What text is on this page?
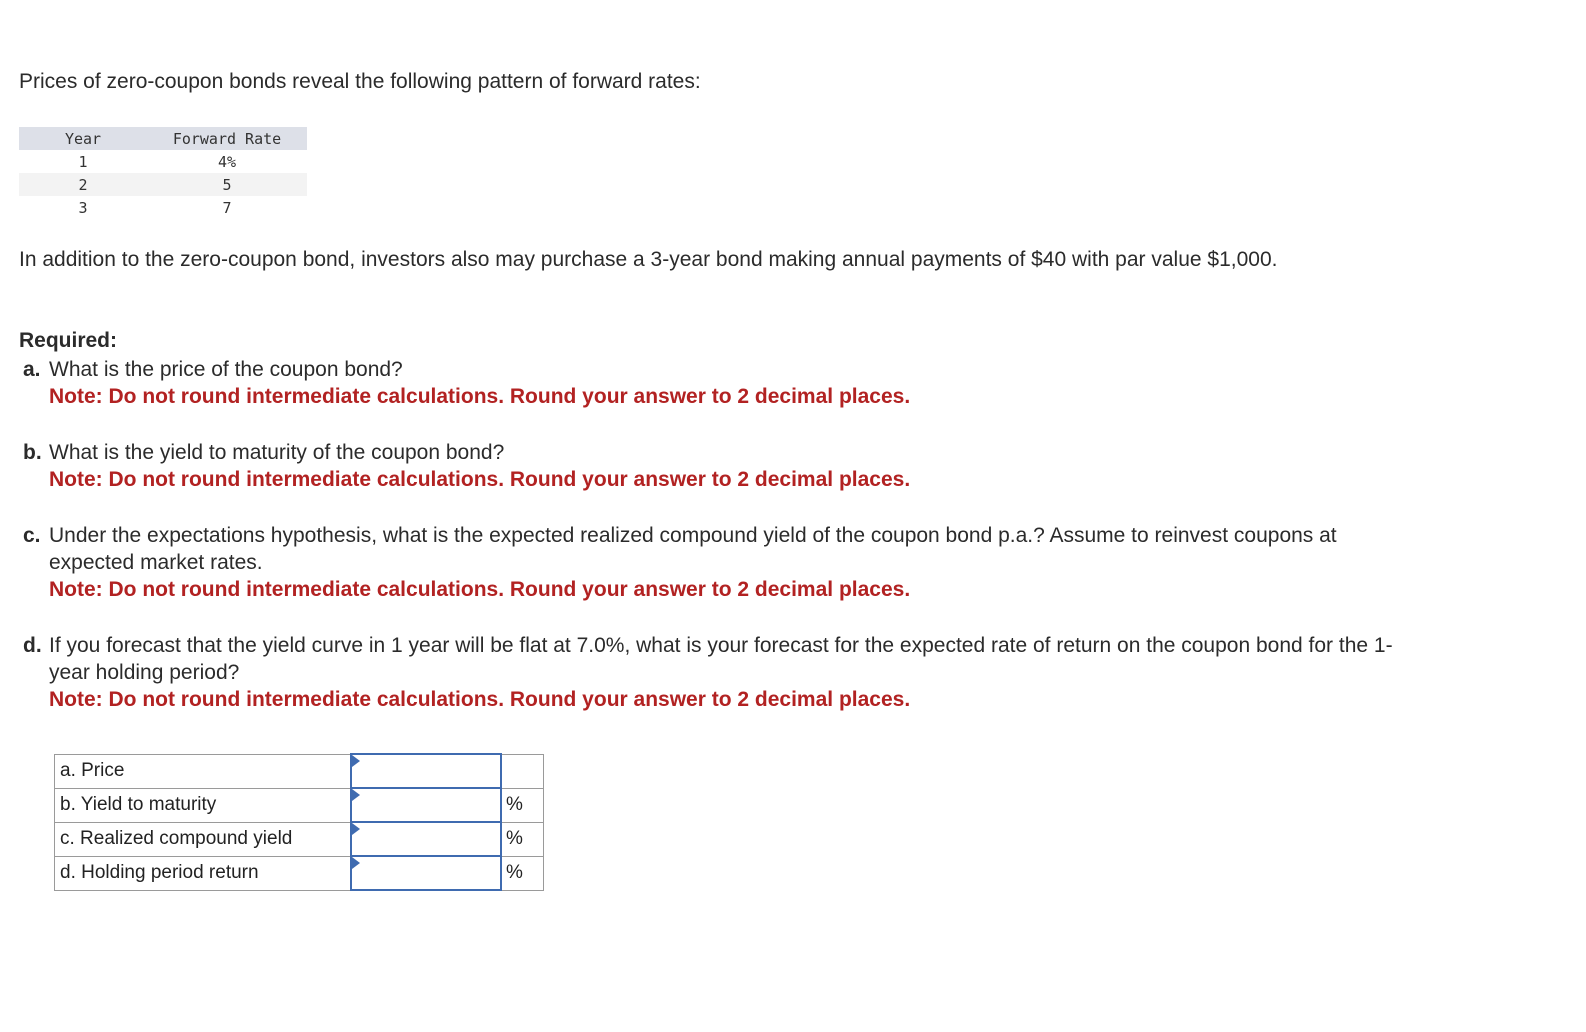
Prices of zero-coupon bonds reveal the following pattern of forward rates:

Year	Forward Rate
1	4%
2	5
3	7

In addition to the zero-coupon bond, investors also may purchase a 3-year bond making annual payments of $40 with par value $1,000.

Required:

a. What is the price of the coupon bond?
Note: Do not round intermediate calculations. Round your answer to 2 decimal places.
b. What is the yield to maturity of the coupon bond?
Note: Do not round intermediate calculations. Round your answer to 2 decimal places.
c. Under the expectations hypothesis, what is the expected realized compound yield of the coupon bond p.a.? Assume to reinvest coupons at expected market rates.
Note: Do not round intermediate calculations. Round your answer to 2 decimal places.
d. If you forecast that the yield curve in 1 year will be flat at 7.0%, what is your forecast for the expected rate of return on the coupon bond for the 1-year holding period?
Note: Do not round intermediate calculations. Round your answer to 2 decimal places.
a. Price		
b. Yield to maturity		%
c. Realized compound yield		%
d. Holding period return		%
